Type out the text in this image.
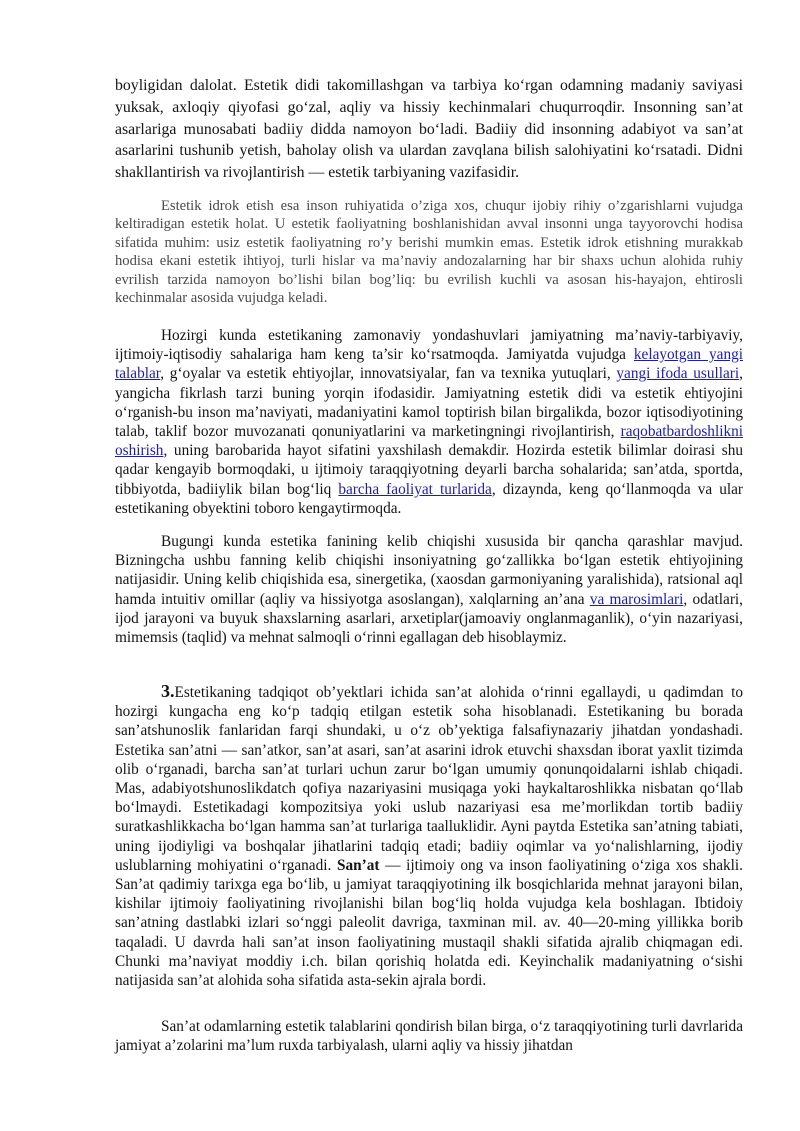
boyligidan dalolat. Estetik didi takomillashgan va tarbiya ko‘rgan odamning madaniy saviyasi yuksak, axloqiy qiyofasi go‘zal, aqliy va hissiy kechinmalari chuqurroqdir. Insonning san’at asarlariga munosabati badiiy didda namoyon bo‘ladi. Badiiy did insonning adabiyot va san’at asarlarini tushunib yetish, baholay olish va ulardan zavqlana bilish salohiyatini ko‘rsatadi. Didni shakllantirish va rivojlantirish — estetik tarbiyaning vazifasidir.

Estetik idrok etish esa inson ruhiyatida o’ziga xos, chuqur ijobiy rihiy o’zgarishlarni vujudga keltiradigan estetik holat. U estetik faoliyatning boshlanishidan avval insonni unga tayyorovchi hodisa sifatida muhim: usiz estetik faoliyatning ro’y berishi mumkin emas. Estetik idrok etishning murakkab hodisa ekani estetik ihtiyoj, turli hislar va ma’naviy andozalarning har bir shaxs uchun alohida ruhiy evrilish tarzida namoyon bo’lishi bilan bog’liq: bu evrilish kuchli va asosan his-hayajon, ehtirosli kechinmalar asosida vujudga keladi.

Hozirgi kunda estetikaning zamonaviy yondashuvlari jamiyatning ma’naviy-tarbiyaviy, ijtimoiy-iqtisodiy sahalariga ham keng ta’sir ko‘rsatmoqda. Jamiyatda vujudga kelayotgan yangi talablar, g‘oyalar va estetik ehtiyojlar, innovatsiyalar, fan va texnika yutuqlari, yangi ifoda usullari, yangicha fikrlash tarzi buning yorqin ifodasidir. Jamiyatning estetik didi va estetik ehtiyojini o‘rganish-bu inson ma’naviyati, madaniyatini kamol toptirish bilan birgalikda, bozor iqtisodiyotining talab, taklif bozor muvozanati qonuniyatlarini va marketingningi rivojlantirish, raqobatbardoshlikni oshirish, uning barobarida hayot sifatini yaxshilash demakdir. Hozirda estetik bilimlar doirasi shu qadar kengayib bormoqdaki, u ijtimoiy taraqqiyotning deyarli barcha sohalarida; san’atda, sportda, tibbiyotda, badiiylik bilan bog‘liq barcha faoliyat turlarida, dizaynda, keng qo‘llanmoqda va ular estetikaning obyektini toboro kengaytirmoqda.

Bugungi kunda estetika fanining kelib chiqishi xususida bir qancha qarashlar mavjud. Bizningcha ushbu fanning kelib chiqishi insoniyatning go‘zallikka bo‘lgan estetik ehtiyojining natijasidir. Uning kelib chiqishida esa, sinergetika, (xaosdan garmoniyaning yaralishida), ratsional aql hamda intuitiv omillar (aqliy va hissiyotga asoslangan), xalqlarning an’ana va marosimlari, odatlari, ijod jarayoni va buyuk shaxslarning asarlari, arxetiplar(jamoaviy onglanmaganlik), o‘yin nazariyasi, mimemsis (taqlid) va mehnat salmoqli o‘rinni egallagan deb hisoblaymiz.

3.Estetikaning tadqiqot ob’yektlari ichida san’at alohida o‘rinni egallaydi, u qadimdan to hozirgi kungacha eng ko‘p tadqiq etilgan estetik soha hisoblanadi. Estetikaning bu borada san’atshunoslik fanlaridan farqi shundaki, u o‘z ob’yektiga falsafiynazariy jihatdan yondashadi. Estetika san’atni — san’atkor, san’at asari, san’at asarini idrok etuvchi shaxsdan iborat yaxlit tizimda olib o‘rganadi, barcha san’at turlari uchun zarur bo‘lgan umumiy qonunqoidalarni ishlab chiqadi. Mas, adabiyotshunoslikdatch qofiya nazariyasini musiqaga yoki haykaltaroshlikka nisbatan qo‘llab bo‘lmaydi. Estetikadagi kompozitsiya yoki uslub nazariyasi esa me’morlikdan tortib badiiy suratkashlikkacha bo‘lgan hamma san’at turlariga taalluklidir. Ayni paytda Estetika san’atning tabiati, uning ijodiyligi va boshqalar jihatlarini tadqiq etadi; badiiy oqimlar va yo‘nalishlarning, ijodiy uslublarning mohiyatini o‘rganadi. San’at — ijtimoiy ong va inson faoliyatining o‘ziga xos shakli. San’at qadimiy tarixga ega bo‘lib, u jamiyat taraqqiyotining ilk bosqichlarida mehnat jarayoni bilan, kishilar ijtimoiy faoliyatining rivojlanishi bilan bog‘liq holda vujudga kela boshlagan. Ibtidoiy san’atning dastlabki izlari so‘nggi paleolit davriga, taxminan mil. av. 40—20-ming yillikka borib taqaladi. U davrda hali san’at inson faoliyatining mustaqil shakli sifatida ajralib chiqmagan edi. Chunki ma’naviyat moddiy i.ch. bilan qorishiq holatda edi. Keyinchalik madaniyatning o‘sishi natijasida san’at alohida soha sifatida asta-sekin ajrala bordi.

San’at odamlarning estetik talablarini qondirish bilan birga, o‘z taraqqiyotining turli davrlarida jamiyat a’zolarini ma’lum ruxda tarbiyalash, ularni aqliy va hissiy jihatdan
